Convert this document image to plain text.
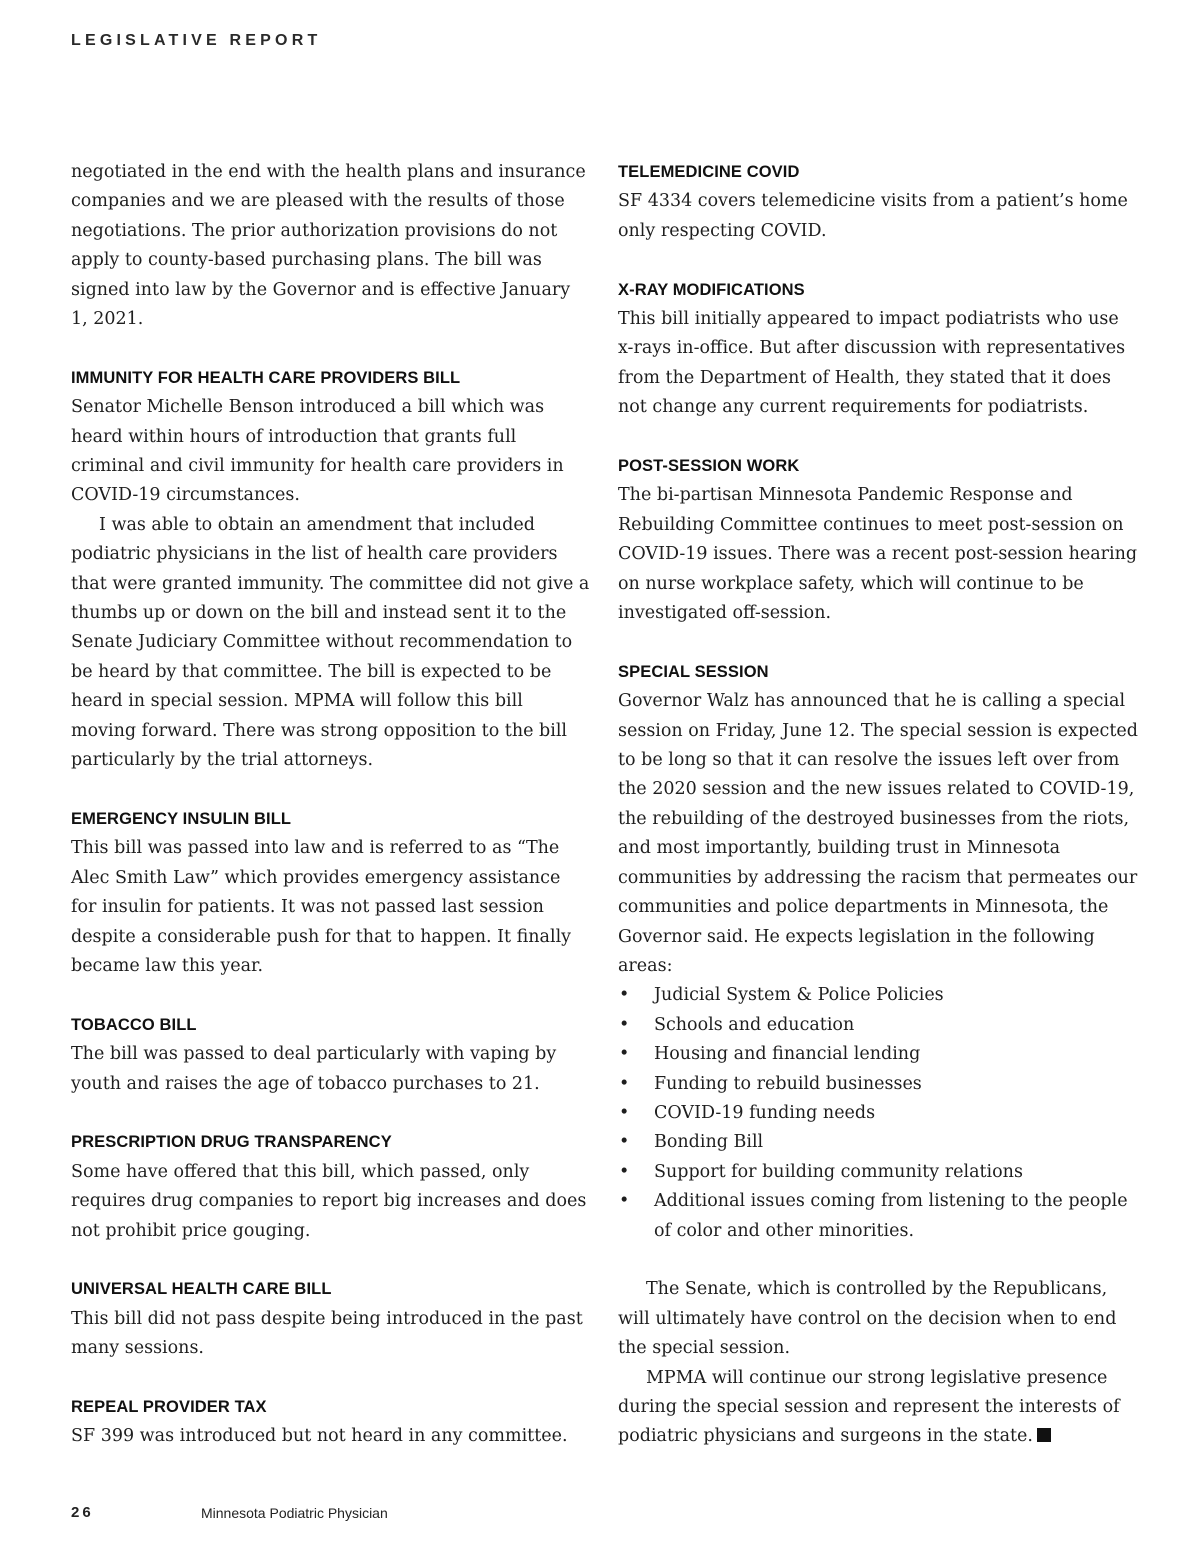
LEGISLATIVE REPORT

negotiated in the end with the health plans and insurance companies and we are pleased with the results of those negotiations. The prior authorization provisions do not apply to county-based purchasing plans. The bill was signed into law by the Governor and is effective January 1, 2021.

IMMUNITY FOR HEALTH CARE PROVIDERS BILL

Senator Michelle Benson introduced a bill which was heard within hours of introduction that grants full criminal and civil immunity for health care providers in COVID-19 circumstances.

I was able to obtain an amendment that included podiatric physicians in the list of health care providers that were granted immunity. The committee did not give a thumbs up or down on the bill and instead sent it to the Senate Judiciary Committee without recommendation to be heard by that committee. The bill is expected to be heard in special session. MPMA will follow this bill moving forward. There was strong opposition to the bill particularly by the trial attorneys.

EMERGENCY INSULIN BILL

This bill was passed into law and is referred to as “The Alec Smith Law” which provides emergency assistance for insulin for patients. It was not passed last session despite a considerable push for that to happen. It finally became law this year.

TOBACCO BILL

The bill was passed to deal particularly with vaping by youth and raises the age of tobacco purchases to 21.

PRESCRIPTION DRUG TRANSPARENCY

Some have offered that this bill, which passed, only requires drug companies to report big increases and does not prohibit price gouging.

UNIVERSAL HEALTH CARE BILL

This bill did not pass despite being introduced in the past many sessions.

REPEAL PROVIDER TAX

SF 399 was introduced but not heard in any committee.

TELEMEDICINE COVID

SF 4334 covers telemedicine visits from a patient’s home only respecting COVID.

X-RAY MODIFICATIONS

This bill initially appeared to impact podiatrists who use x-rays in-office. But after discussion with representatives from the Department of Health, they stated that it does not change any current requirements for podiatrists.

POST-SESSION WORK

The bi-partisan Minnesota Pandemic Response and Rebuilding Committee continues to meet post-session on COVID-19 issues. There was a recent post-session hearing on nurse workplace safety, which will continue to be investigated off-session.

SPECIAL SESSION

Governor Walz has announced that he is calling a special session on Friday, June 12. The special session is expected to be long so that it can resolve the issues left over from the 2020 session and the new issues related to COVID-19, the rebuilding of the destroyed businesses from the riots, and most importantly, building trust in Minnesota communities by addressing the racism that permeates our communities and police departments in Minnesota, the Governor said. He expects legislation in the following areas:

• Judicial System & Police Policies
• Schools and education
• Housing and financial lending
• Funding to rebuild businesses
• COVID-19 funding needs
• Bonding Bill
• Support for building community relations
• Additional issues coming from listening to the people of color and other minorities.

The Senate, which is controlled by the Republicans, will ultimately have control on the decision when to end the special session.

MPMA will continue our strong legislative presence during the special session and represent the interests of podiatric physicians and surgeons in the state.

26	Minnesota Podiatric Physician
